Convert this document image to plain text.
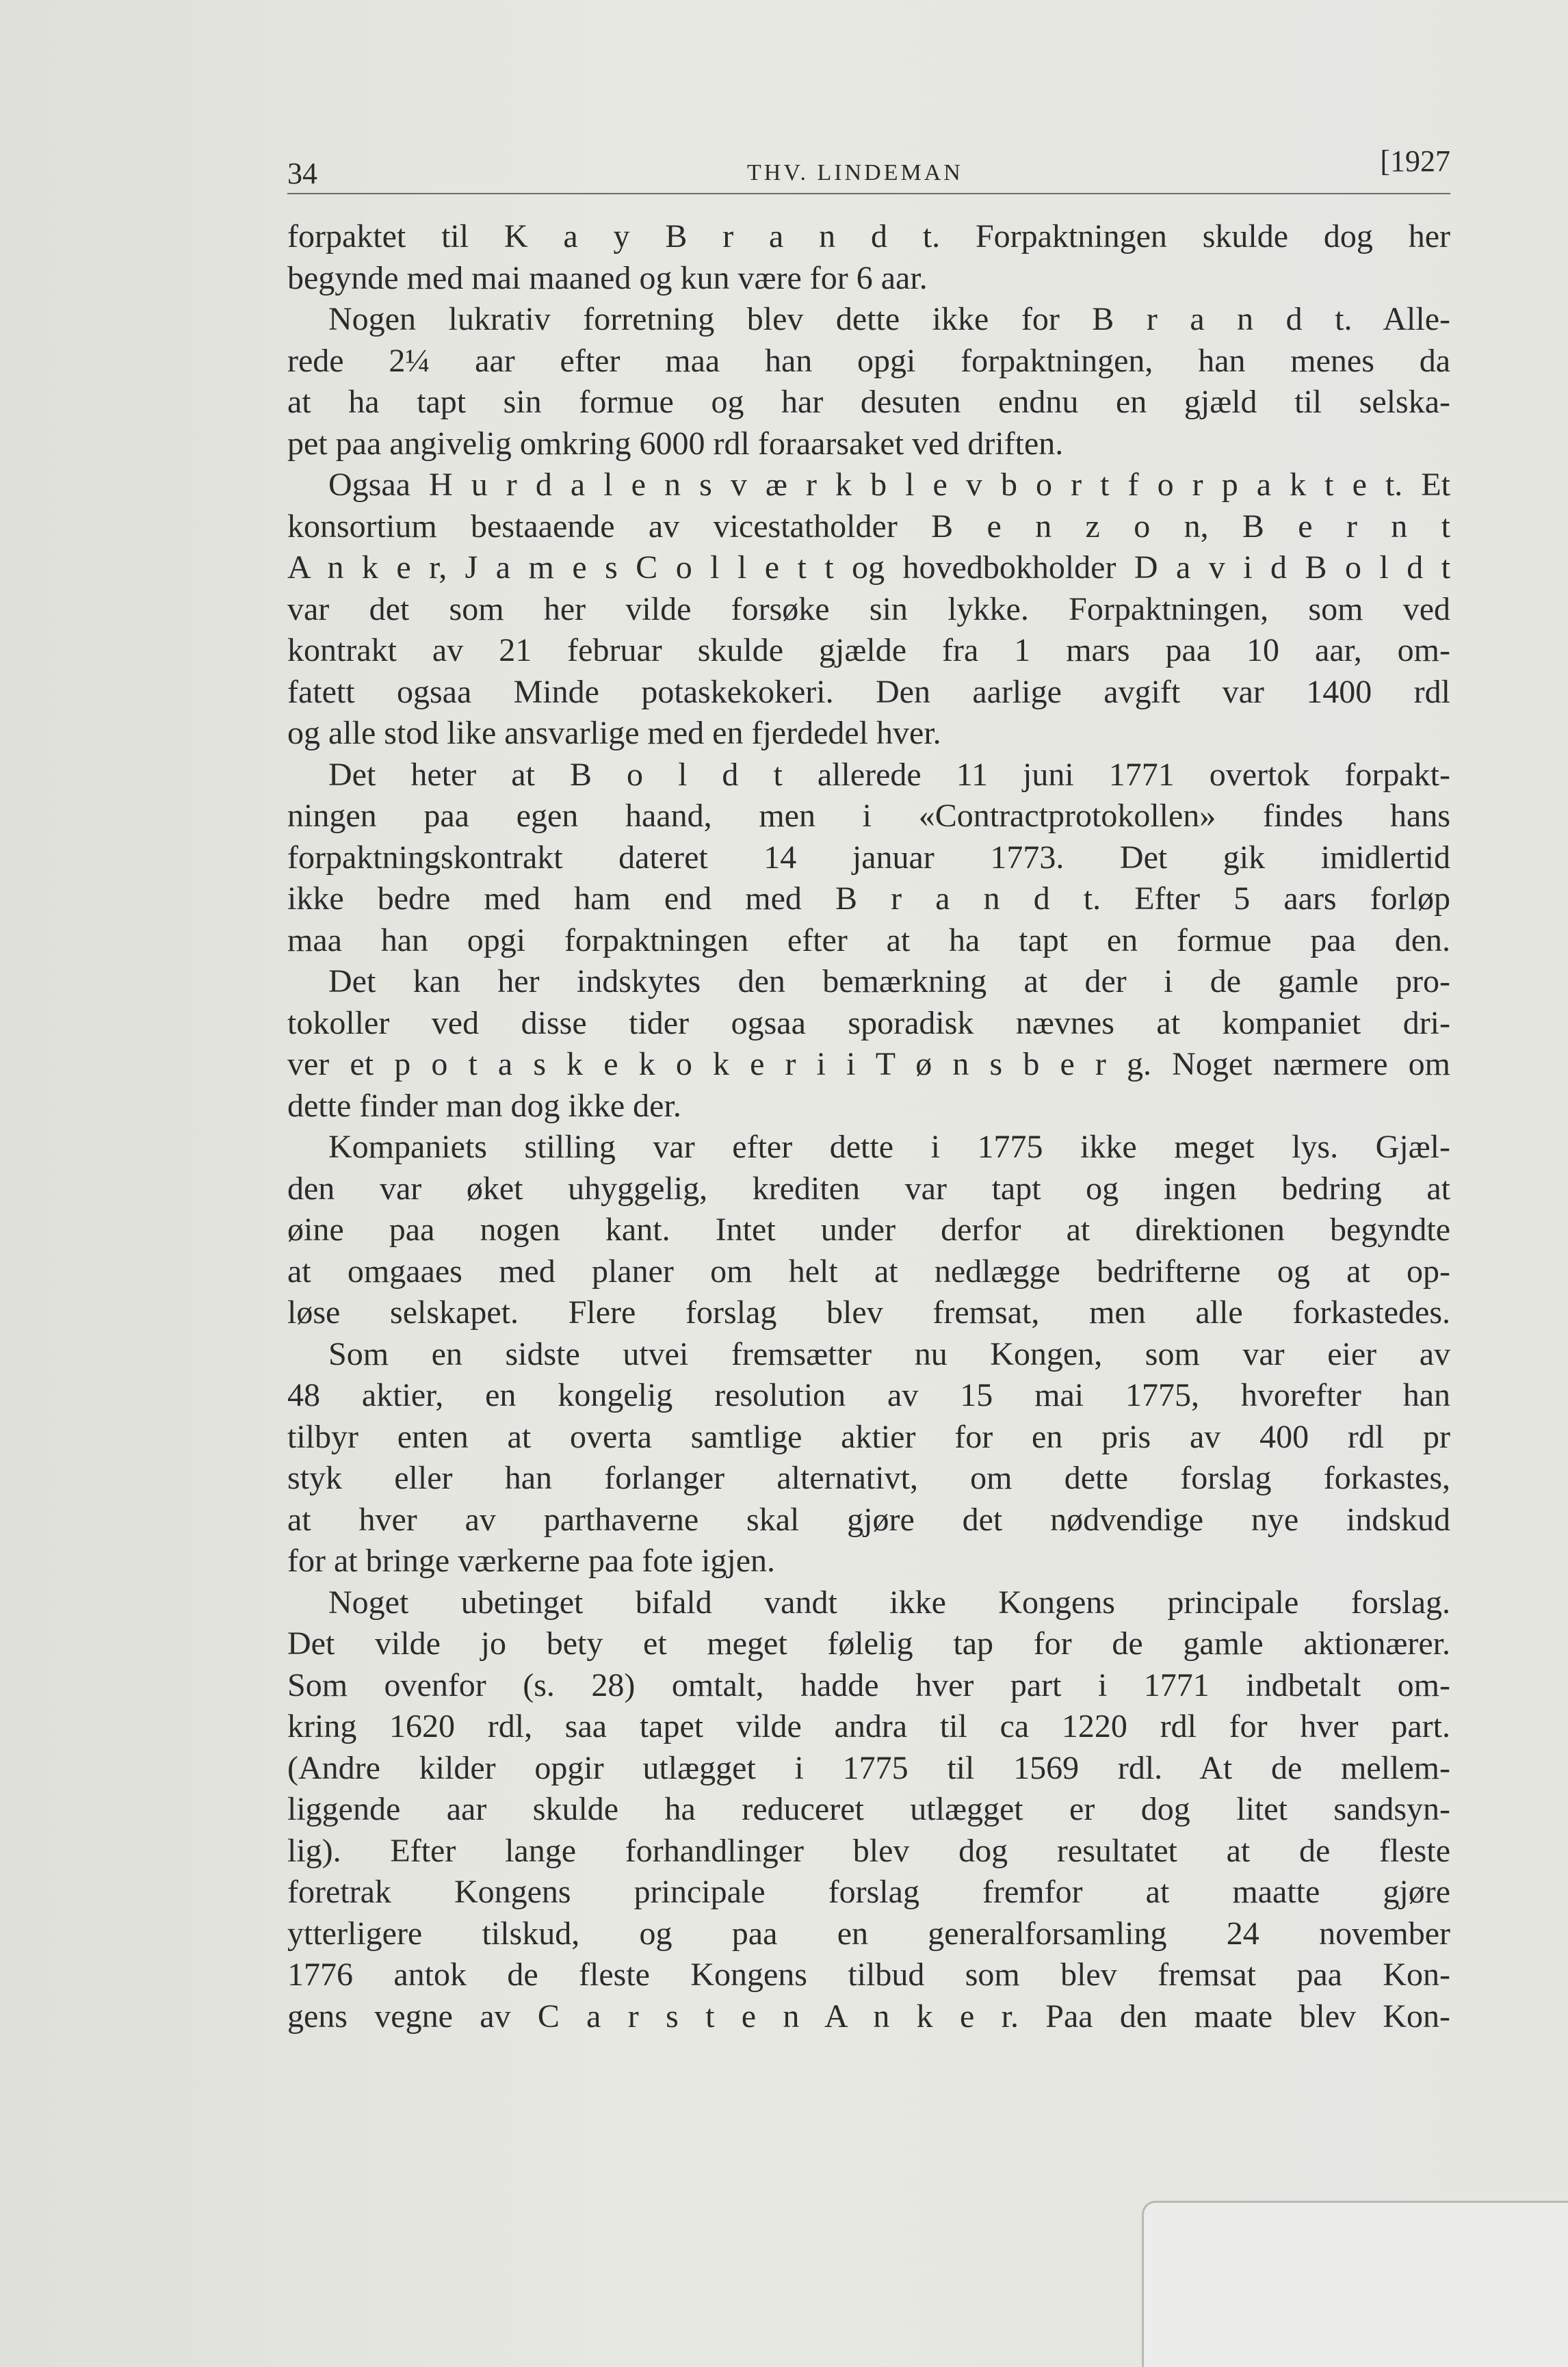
34	THV. LINDEMAN	[1927
forpaktet til K a y B r a n d t. Forpaktningen skulde dog her
begynde med mai maaned og kun være for 6 aar.
Nogen lukrativ forretning blev dette ikke for B r a n d t. Alle-
rede 2¼ aar efter maa han opgi forpaktningen, han menes da
at ha tapt sin formue og har desuten endnu en gjæld til selska-
pet paa angivelig omkring 6000 rdl foraarsaket ved driften.
Ogsaa H u r d a l e n s v æ r k b l e v b o r t f o r p a k t e t. Et
konsortium bestaaende av vicestatholder B e n z o n, B e r n t
A n k e r, J a m e s C o l l e t t og hovedbokholder D a v i d B o l d t
var det som her vilde forsøke sin lykke. Forpaktningen, som ved
kontrakt av 21 februar skulde gjælde fra 1 mars paa 10 aar, om-
fatett ogsaa Minde potaskekokeri. Den aarlige avgift var 1400 rdl
og alle stod like ansvarlige med en fjerdedel hver.
Det heter at B o l d t allerede 11 juni 1771 overtok forpakt-
ningen paa egen haand, men i «Contractprotokollen» findes hans
forpaktningskontrakt dateret 14 januar 1773. Det gik imidlertid
ikke bedre med ham end med B r a n d t. Efter 5 aars forløp
maa han opgi forpaktningen efter at ha tapt en formue paa den.
Det kan her indskytes den bemærkning at der i de gamle pro-
tokoller ved disse tider ogsaa sporadisk nævnes at kompaniet dri-
ver et p o t a s k e k o k e r i i T ø n s b e r g. Noget nærmere om
dette finder man dog ikke der.
Kompaniets stilling var efter dette i 1775 ikke meget lys. Gjæl-
den var øket uhyggelig, krediten var tapt og ingen bedring at
øine paa nogen kant. Intet under derfor at direktionen begyndte
at omgaaes med planer om helt at nedlægge bedrifterne og at op-
løse selskapet. Flere forslag blev fremsat, men alle forkastedes.
Som en sidste utvei fremsætter nu Kongen, som var eier av
48 aktier, en kongelig resolution av 15 mai 1775, hvorefter han
tilbyr enten at overta samtlige aktier for en pris av 400 rdl pr
styk eller han forlanger alternativt, om dette forslag forkastes,
at hver av parthaverne skal gjøre det nødvendige nye indskud
for at bringe værkerne paa fote igjen.
Noget ubetinget bifald vandt ikke Kongens principale forslag.
Det vilde jo bety et meget følelig tap for de gamle aktionærer.
Som ovenfor (s. 28) omtalt, hadde hver part i 1771 indbetalt om-
kring 1620 rdl, saa tapet vilde andra til ca 1220 rdl for hver part.
(Andre kilder opgir utlægget i 1775 til 1569 rdl. At de mellem-
liggende aar skulde ha reduceret utlægget er dog litet sandsyn-
lig). Efter lange forhandlinger blev dog resultatet at de fleste
foretrak Kongens principale forslag fremfor at maatte gjøre
ytterligere tilskud, og paa en generalforsamling 24 november
1776 antok de fleste Kongens tilbud som blev fremsat paa Kon-
gens vegne av C a r s t e n A n k e r. Paa den maate blev Kon-
